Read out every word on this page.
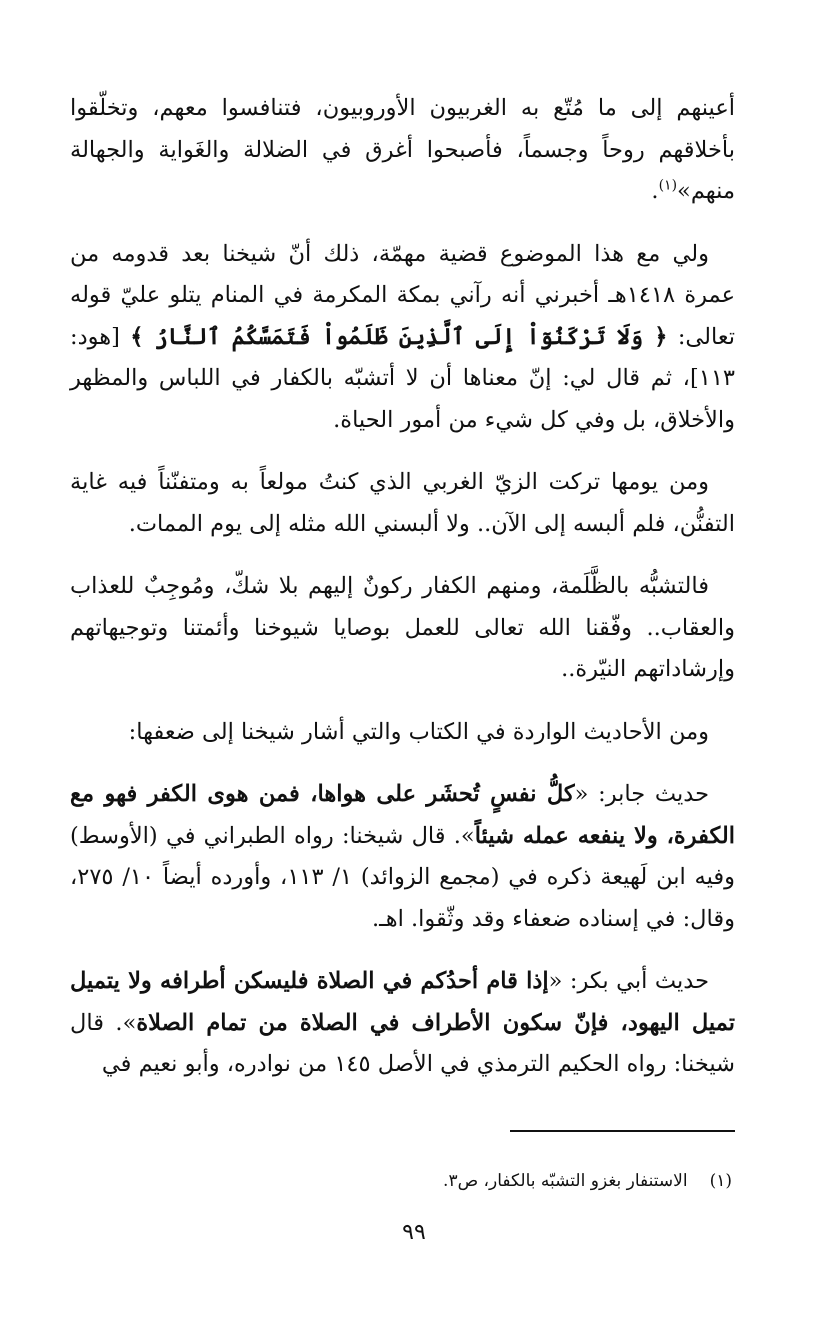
أعينهم إلى ما مُتّع به الغربيون الأوروبيون، فتنافسوا معهم، وتخلّقوا بأخلاقهم روحاً وجسماً، فأصبحوا أغرق في الضلالة والغَواية والجهالة منهم»$^{(١)}$.

ولي مع هذا الموضوع قضية مهمّة، ذلك أنّ شيخنا بعد قدومه من عمرة ١٤١٨هـ أخبرني أنه رآني بمكة المكرمة في المنام يتلو عليّ قوله تعالى: ﴿ وَلَا تَرْكَنُوٓاْ إِلَى ٱلَّذِينَ ظَلَمُواْ فَتَمَسَّكُمُ ٱلنَّارُ ﴾ [هود: ١١٣]، ثم قال لي: إنّ معناها أن لا أتشبّه بالكفار في اللباس والمظهر والأخلاق، بل وفي كل شيء من أمور الحياة.

ومن يومها تركت الزيّ الغربي الذي كنتُ مولعاً به ومتفنّناً فيه غاية التفنُّن، فلم ألبسه إلى الآن.. ولا ألبسني الله مثله إلى يوم الممات.

فالتشبُّه بالظَّلَمة، ومنهم الكفار ركونٌ إليهم بلا شكّ، ومُوجِبٌ للعذاب والعقاب.. وفّقنا الله تعالى للعمل بوصايا شيوخنا وأئمتنا وتوجيهاتهم وإرشاداتهم النيّرة..

ومن الأحاديث الواردة في الكتاب والتي أشار شيخنا إلى ضعفها:

حديث جابر: «كلُّ نفسٍ تُحشَر على هواها، فمن هوى الكفر فهو مع الكفرة، ولا ينفعه عمله شيئاً». قال شيخنا: رواه الطبراني في (الأوسط) وفيه ابن لَهيعة ذكره في (مجمع الزوائد) ١/ ١١٣، وأورده أيضاً ١٠/ ٢٧٥، وقال: في إسناده ضعفاء وقد وثّقوا. اهـ.

حديث أبي بكر: «إذا قام أحدُكم في الصلاة فليسكن أطرافه ولا يتميل تميل اليهود، فإنّ سكون الأطراف في الصلاة من تمام الصلاة». قال شيخنا: رواه الحكيم الترمذي في الأصل ١٤٥ من نوادره، وأبو نعيم في

(١)الاستنفار بغزو التشبّه بالكفار، ص٣.
٩٩
